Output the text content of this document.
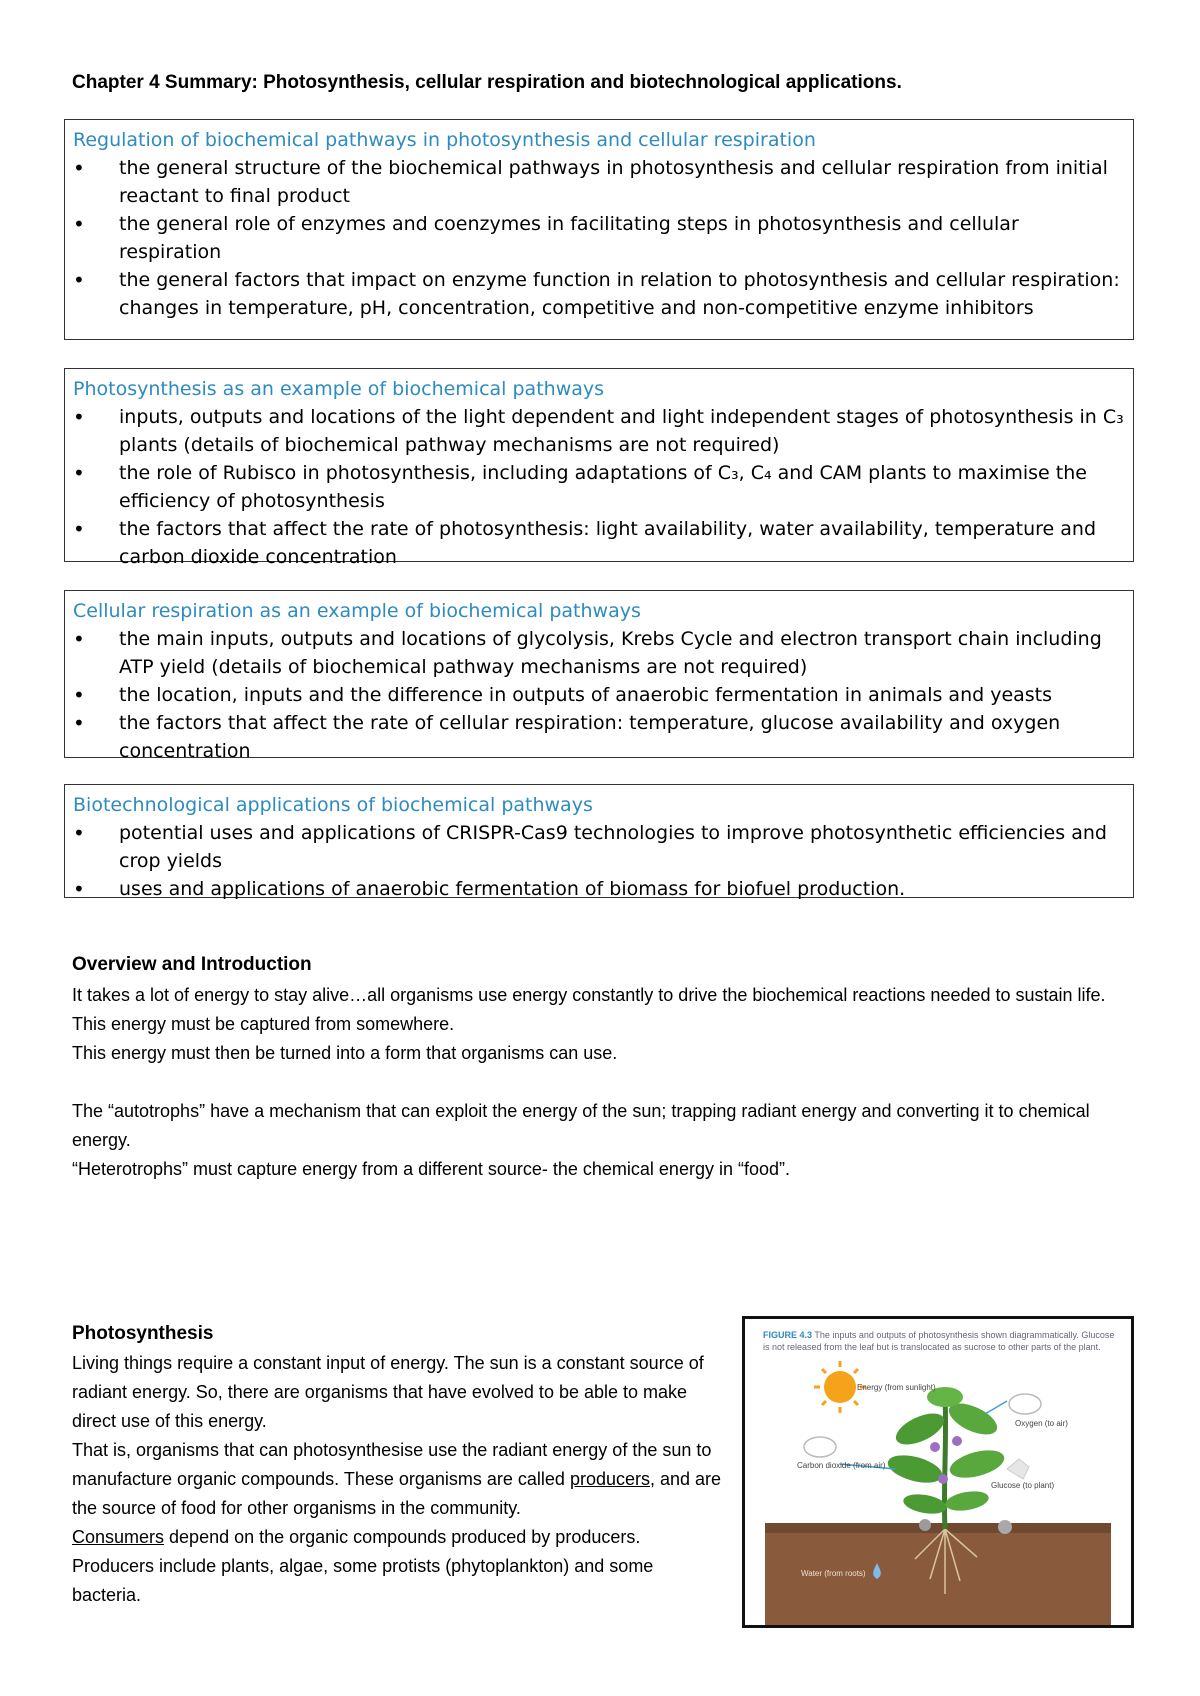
Chapter 4 Summary: Photosynthesis, cellular respiration and biotechnological applications.
Regulation of biochemical pathways in photosynthesis and cellular respiration
• the general structure of the biochemical pathways in photosynthesis and cellular respiration from initial reactant to final product
• the general role of enzymes and coenzymes in facilitating steps in photosynthesis and cellular respiration
• the general factors that impact on enzyme function in relation to photosynthesis and cellular respiration: changes in temperature, pH, concentration, competitive and non-competitive enzyme inhibitors
Photosynthesis as an example of biochemical pathways
• inputs, outputs and locations of the light dependent and light independent stages of photosynthesis in C₃ plants (details of biochemical pathway mechanisms are not required)
• the role of Rubisco in photosynthesis, including adaptations of C₃, C₄ and CAM plants to maximise the efficiency of photosynthesis
• the factors that affect the rate of photosynthesis: light availability, water availability, temperature and carbon dioxide concentration
Cellular respiration as an example of biochemical pathways
• the main inputs, outputs and locations of glycolysis, Krebs Cycle and electron transport chain including ATP yield (details of biochemical pathway mechanisms are not required)
• the location, inputs and the difference in outputs of anaerobic fermentation in animals and yeasts
• the factors that affect the rate of cellular respiration: temperature, glucose availability and oxygen concentration
Biotechnological applications of biochemical pathways
• potential uses and applications of CRISPR-Cas9 technologies to improve photosynthetic efficiencies and crop yields
• uses and applications of anaerobic fermentation of biomass for biofuel production.
Overview and Introduction

It takes a lot of energy to stay alive…all organisms use energy constantly to drive the biochemical reactions needed to sustain life.

This energy must be captured from somewhere.

This energy must then be turned into a form that organisms can use.

The “autotrophs” have a mechanism that can exploit the energy of the sun; trapping radiant energy and converting it to chemical energy.

“Heterotrophs” must capture energy from a different source- the chemical energy in “food”.

Photosynthesis

Living things require a constant input of energy. The sun is a constant source of radiant energy. So, there are organisms that have evolved to be able to make direct use of this energy.

That is, organisms that can photosynthesise use the radiant energy of the sun to manufacture organic compounds. These organisms are called producers, and are the source of food for other organisms in the community.

Consumers depend on the organic compounds produced by producers.

Producers include plants, algae, some protists (phytoplankton) and some bacteria.

FIGURE 4.3 The inputs and outputs of photosynthesis shown diagrammatically. Glucose is not released from the leaf but is translocated as sucrose to other parts of the plant.
Energy (from sunlight)
Oxygen (to air)
Carbon dioxide (from air)
Glucose (to plant)
Water (from roots)
